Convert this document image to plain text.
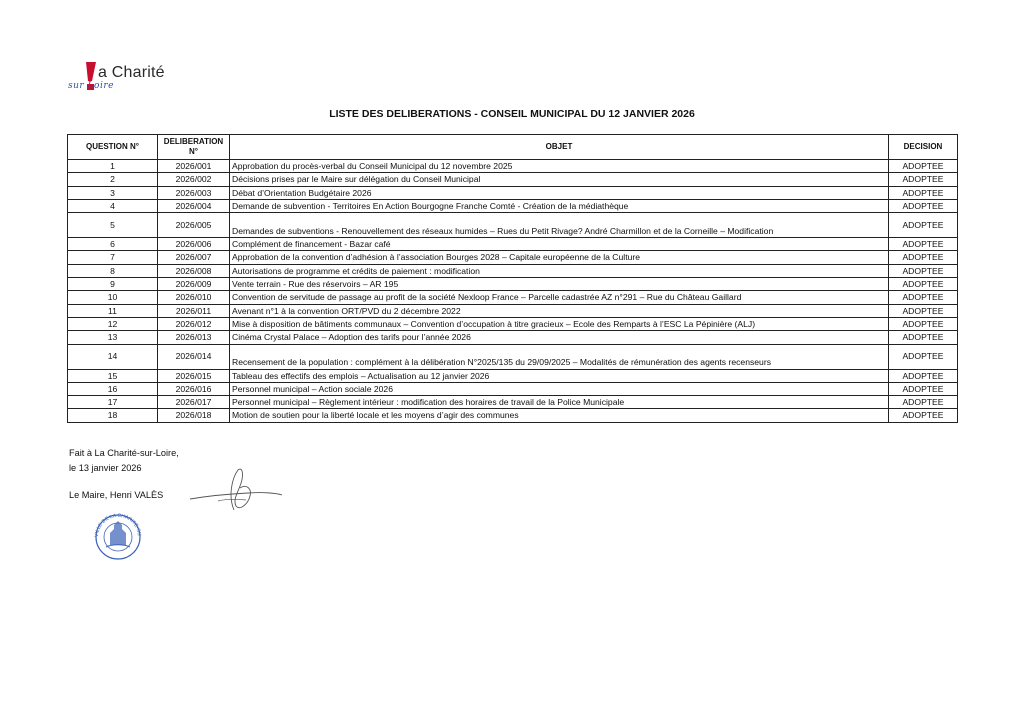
a Charité
sur Loire
LISTE DES DELIBERATIONS - CONSEIL MUNICIPAL DU 12 JANVIER 2026
QUESTION N°	DELIBERATION N°	OBJET	DECISION
1	2026/001	Approbation du procès-verbal du Conseil Municipal du 12 novembre 2025	ADOPTEE
2	2026/002	Décisions prises par le Maire sur délégation du Conseil Municipal	ADOPTEE
3	2026/003	Débat d’Orientation Budgétaire 2026	ADOPTEE
4	2026/004	Demande de subvention - Territoires En Action Bourgogne Franche Comté - Création de la médiathèque	ADOPTEE
5	2026/005	Demandes de subventions - Renouvellement des réseaux humides – Rues du Petit Rivage? André Charmillon et de la Corneille – Modification	ADOPTEE
6	2026/006	Complément de financement - Bazar café	ADOPTEE
7	2026/007	Approbation de la convention d’adhésion à l’association Bourges 2028 – Capitale européenne de la Culture	ADOPTEE
8	2026/008	Autorisations de programme et crédits de paiement : modification	ADOPTEE
9	2026/009	Vente terrain - Rue des réservoirs – AR 195	ADOPTEE
10	2026/010	Convention de servitude de passage au profit de la société Nexloop France – Parcelle cadastrée AZ n°291 – Rue du Château Gaillard	ADOPTEE
11	2026/011	Avenant n°1 à la convention ORT/PVD du 2 décembre 2022	ADOPTEE
12	2026/012	Mise à disposition de bâtiments communaux – Convention d’occupation à titre gracieux – Ecole des Remparts à l’ESC La Pépinière (ALJ)	ADOPTEE
13	2026/013	Cinéma Crystal Palace – Adoption des tarifs pour l’année 2026	ADOPTEE
14	2026/014	Recensement de la population : complément à la délibération N°2025/135 du 29/09/2025 – Modalités de rémunération des agents recenseurs	ADOPTEE
15	2026/015	Tableau des effectifs des emplois – Actualisation au 12 janvier 2026	ADOPTEE
16	2026/016	Personnel municipal – Action sociale 2026	ADOPTEE
17	2026/017	Personnel municipal – Règlement intérieur : modification des horaires de travail de la Police Municipale	ADOPTEE
18	2026/018	Motion de soutien pour la liberté locale et les moyens d’agir des communes	ADOPTEE
Fait à La Charité-sur-Loire,
le 13 janvier 2026
Le Maire, Henri VALÈS
VILLE DE LA CHARITÉ-SU
